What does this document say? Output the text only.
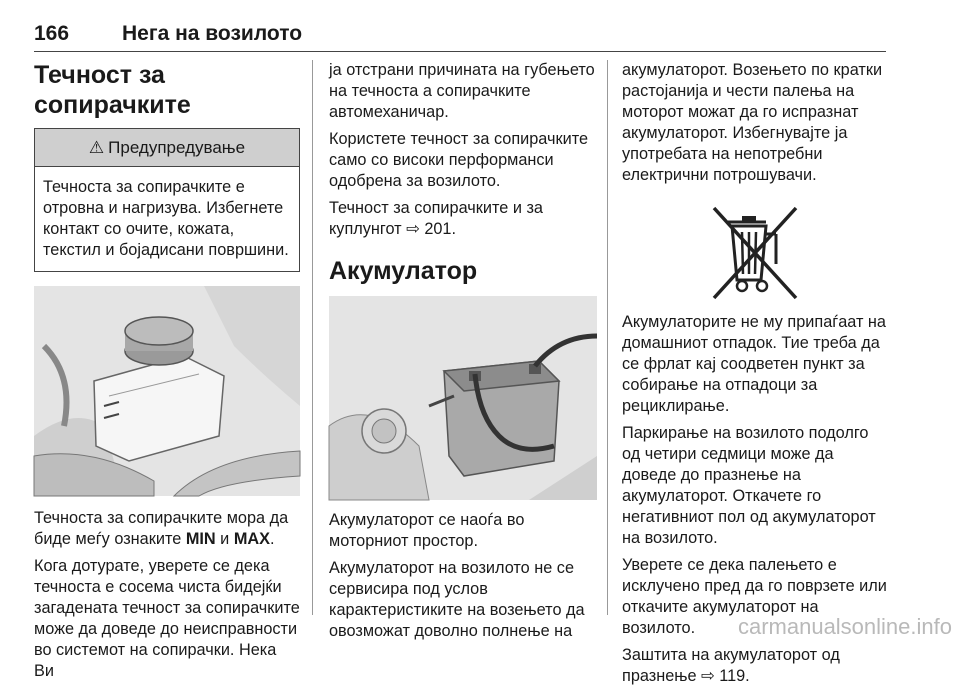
166	Нега на возилото
Течност за сопирачките
⚠ Предупредување
Течноста за сопирачките е отровна и нагризува. Избегнете контакт со очите, кожата, текстил и бојадисани површини.
Течноста за сопирачките мора да биде меѓу ознаките MIN и MAX.
Кога дотурате, уверете се дека течноста е сосема чиста бидејќи загадената течност за сопирачките може да доведе до неисправности во системот на сопирачки. Нека Ви
ја отстрани причината на губењето на течноста а сопирачките автомеханичар.
Користете течност за сопирачките само со високи перформанси одобрена за возилото.
Течност за сопирачките и за куплунгот ⇨ 201.
Акумулатор
Акумулаторот се наоѓа во моторниот простор.
Акумулаторот на возилото не се сервисира под услов карактеристиките на возењето да овозможат доволно полнење на
акумулаторот. Возењето по кратки растојанија и чести палења на моторот можат да го испразнат акумулаторот. Избегнувајте ја употребата на непотребни електрични потрошувачи.
Акумулаторите не му припаѓаат на домашниот отпадок. Тие треба да се фрлат кај соодветен пункт за собирање на отпадоци за рециклирање.
Паркирање на возилото подолго од четири седмици може да доведе до празнење на акумулаторот. Откачете го негативниот пол од акумулаторот на возилото.
Уверете се дека палењето е исклучено пред да го поврзете или откачите акумулаторот на возилото.
Заштита на акумулаторот од празнење ⇨ 119.
carmanualsonline.info
